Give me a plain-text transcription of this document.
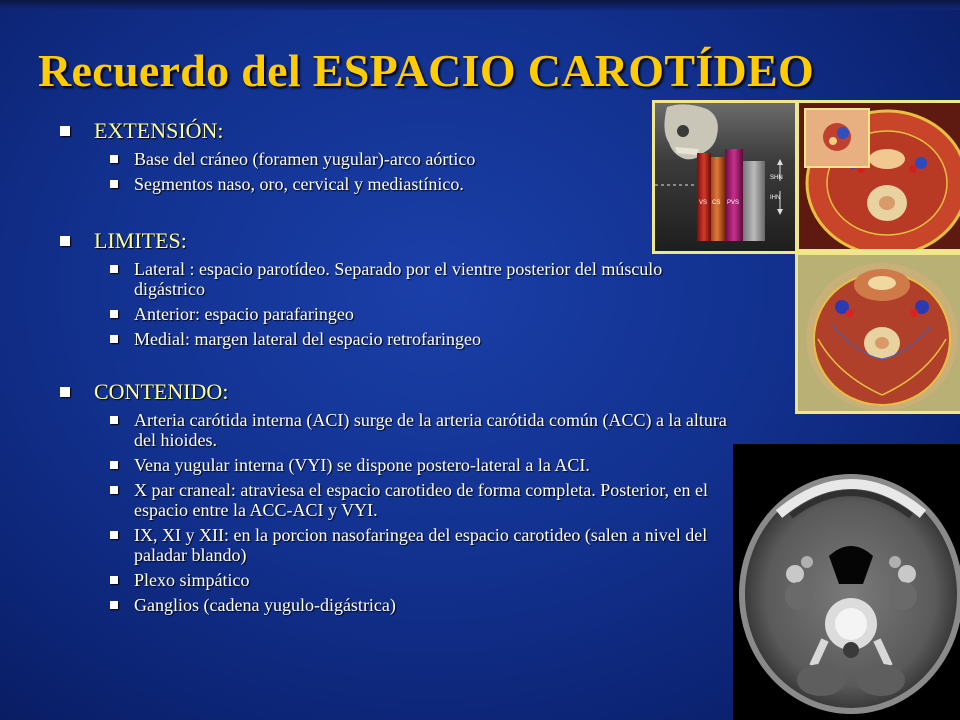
Recuerdo del ESPACIO CAROTÍDEO
EXTENSIÓN:
Base del cráneo (foramen yugular)-arco aórtico
Segmentos naso, oro, cervical y mediastínico.
LIMITES:
Lateral : espacio parotídeo. Separado por el vientre posterior del músculo digástrico
Anterior: espacio parafaringeo
Medial: margen lateral del espacio retrofaringeo
CONTENIDO:
Arteria carótida interna (ACI) surge de la arteria carótida común (ACC) a la altura del hioides.
Vena yugular interna (VYI) se dispone postero-lateral a la ACI.
X par craneal: atraviesa el espacio carotideo de forma completa. Posterior, en el espacio entre la ACC-ACI y VYI.
IX, XI y XII: en la porcion nasofaringea del espacio carotideo (salen a nivel del paladar blando)
Plexo simpático
Ganglios (cadena yugulo-digástrica)
VS CS PVS
SHN
IHN
